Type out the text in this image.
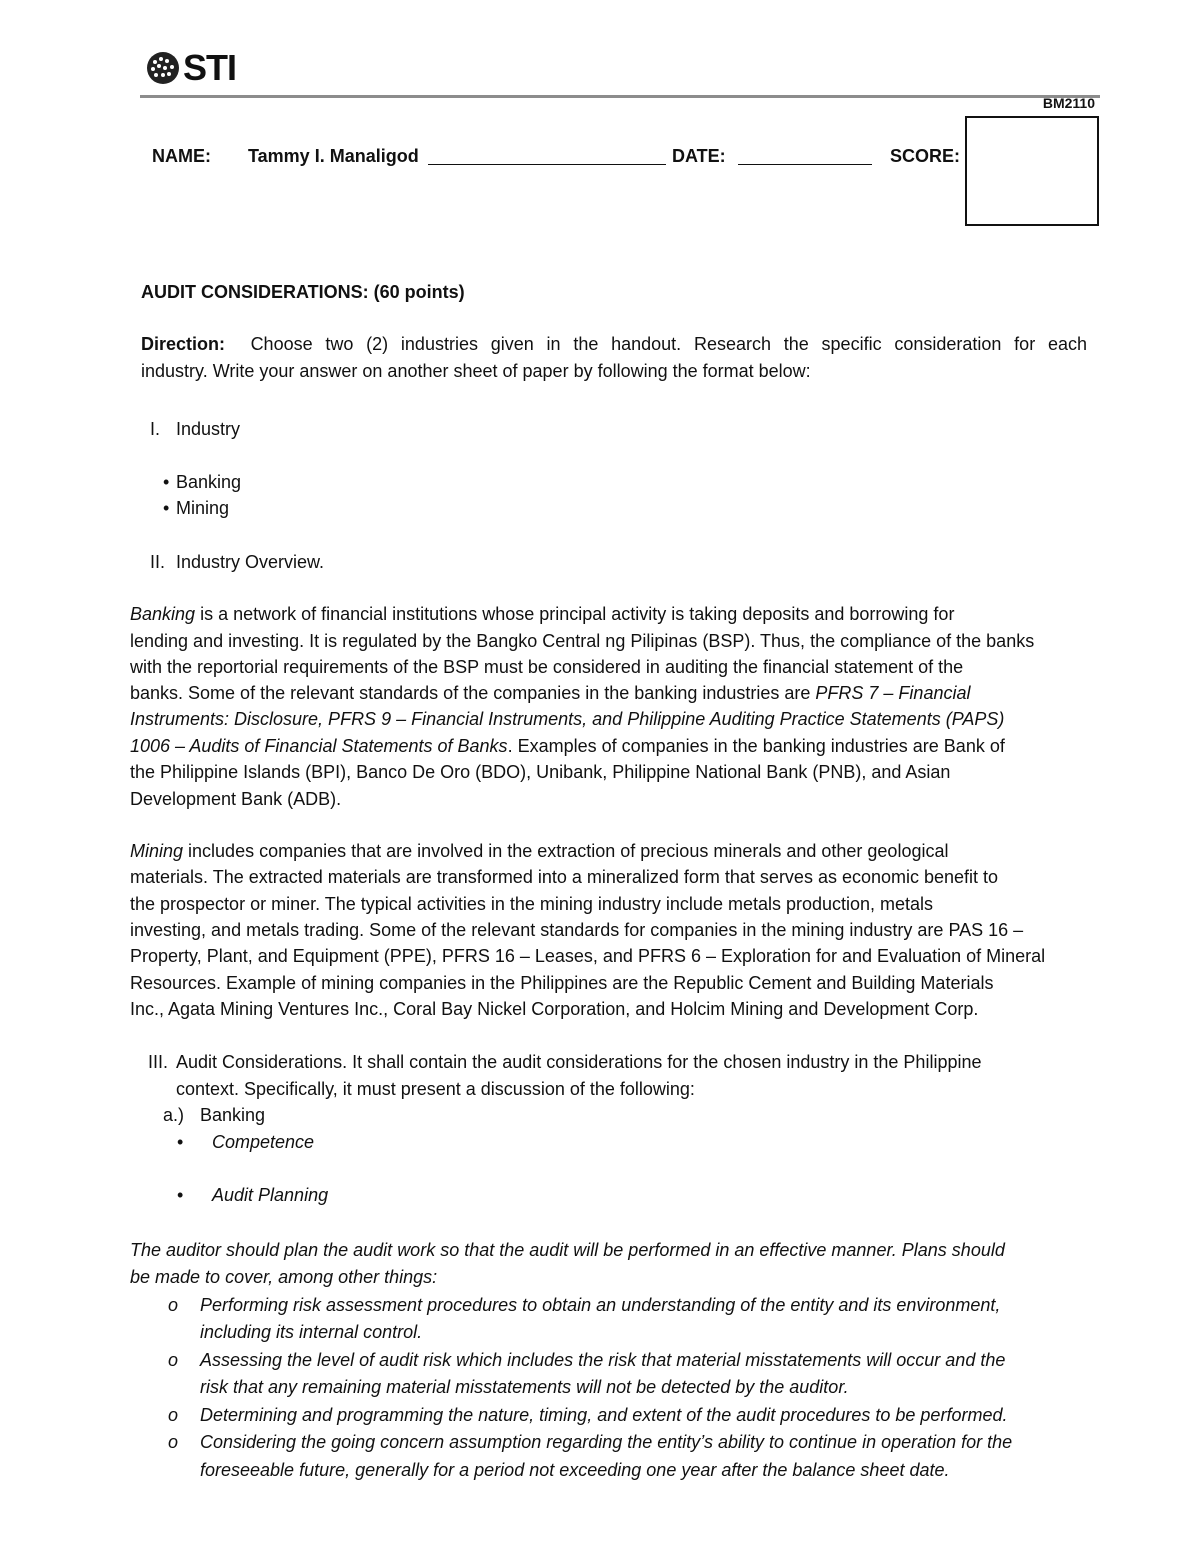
STI
BM2110
NAME: Tammy I. Manaligod	DATE:	SCORE:
AUDIT CONSIDERATIONS: (60 points)
Direction: Choose two (2) industries given in the handout. Research the specific consideration for each
industry. Write your answer on another sheet of paper by following the format below:
I. Industry
• Banking
• Mining
II. Industry Overview.
Banking is a network of financial institutions whose principal activity is taking deposits and borrowing for
lending and investing. It is regulated by the Bangko Central ng Pilipinas (BSP). Thus, the compliance of the banks
with the reportorial requirements of the BSP must be considered in auditing the financial statement of the
banks. Some of the relevant standards of the companies in the banking industries are PFRS 7 – Financial
Instruments: Disclosure, PFRS 9 – Financial Instruments, and Philippine Auditing Practice Statements (PAPS)
1006 – Audits of Financial Statements of Banks. Examples of companies in the banking industries are Bank of
the Philippine Islands (BPI), Banco De Oro (BDO), Unibank, Philippine National Bank (PNB), and Asian
Development Bank (ADB).
Mining includes companies that are involved in the extraction of precious minerals and other geological
materials. The extracted materials are transformed into a mineralized form that serves as economic benefit to
the prospector or miner. The typical activities in the mining industry include metals production, metals
investing, and metals trading. Some of the relevant standards for companies in the mining industry are PAS 16 –
Property, Plant, and Equipment (PPE), PFRS 16 – Leases, and PFRS 6 – Exploration for and Evaluation of Mineral
Resources. Example of mining companies in the Philippines are the Republic Cement and Building Materials
Inc., Agata Mining Ventures Inc., Coral Bay Nickel Corporation, and Holcim Mining and Development Corp.
III. Audit Considerations. It shall contain the audit considerations for the chosen industry in the Philippine
context. Specifically, it must present a discussion of the following:
a.) Banking
• Competence
• Audit Planning
The auditor should plan the audit work so that the audit will be performed in an effective manner. Plans should
be made to cover, among other things:
o Performing risk assessment procedures to obtain an understanding of the entity and its environment,
including its internal control.
o Assessing the level of audit risk which includes the risk that material misstatements will occur and the
risk that any remaining material misstatements will not be detected by the auditor.
o Determining and programming the nature, timing, and extent of the audit procedures to be performed.
o Considering the going concern assumption regarding the entity’s ability to continue in operation for the
foreseeable future, generally for a period not exceeding one year after the balance sheet date.
